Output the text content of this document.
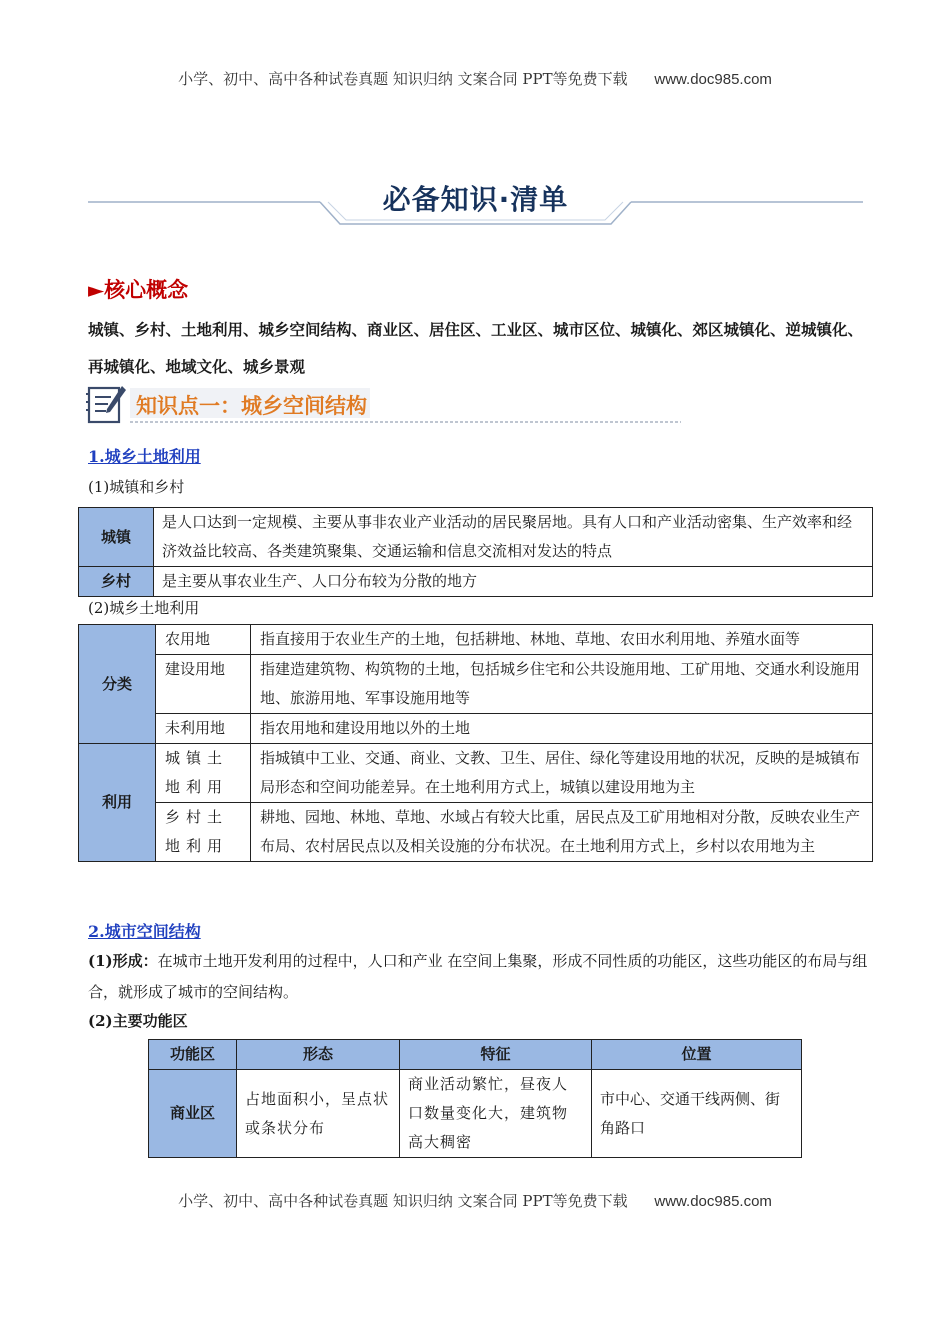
小学、初中、高中各种试卷真题 知识归纳 文案合同 PPT等免费下载 www.doc985.com
必备知识·清单
►核心概念
城镇、乡村、土地利用、城乡空间结构、商业区、居住区、工业区、城市区位、城镇化、郊区城镇化、逆城镇化、再城镇化、地域文化、城乡景观
知识点一：城乡空间结构
1.城乡土地利用
(1)城镇和乡村
城镇	是人口达到一定规模、主要从事非农业产业活动的居民聚居地。具有人口和产业活动密集、生产效率和经济效益比较高、各类建筑聚集、交通运输和信息交流相对发达的特点
乡村	是主要从事农业生产、人口分布较为分散的地方
(2)城乡土地利用
分类	农用地	指直接用于农业生产的土地，包括耕地、林地、草地、农田水利用地、养殖水面等
	建设用地	指建造建筑物、构筑物的土地，包括城乡住宅和公共设施用地、工矿用地、交通水利设施用地、旅游用地、军事设施用地等
	未利用地	指农用地和建设用地以外的土地
利用	城镇土地利用	指城镇中工业、交通、商业、文教、卫生、居住、绿化等建设用地的状况，反映的是城镇布局形态和空间功能差异。在土地利用方式上，城镇以建设用地为主
	乡村土地利用	耕地、园地、林地、草地、水域占有较大比重，居民点及工矿用地相对分散，反映农业生产布局、农村居民点以及相关设施的分布状况。在土地利用方式上，乡村以农用地为主
2.城市空间结构
(1)形成：在城市土地开发利用的过程中，人口和产业 在空间上集聚，形成不同性质的功能区，这些功能区的布局与组合，就形成了城市的空间结构。
(2)主要功能区
功能区	形态	特征	位置
商业区	占地面积小，呈点状或条状分布	商业活动繁忙，昼夜人口数量变化大，建筑物高大稠密	市中心、交通干线两侧、街角路口
小学、初中、高中各种试卷真题 知识归纳 文案合同 PPT等免费下载 www.doc985.com
